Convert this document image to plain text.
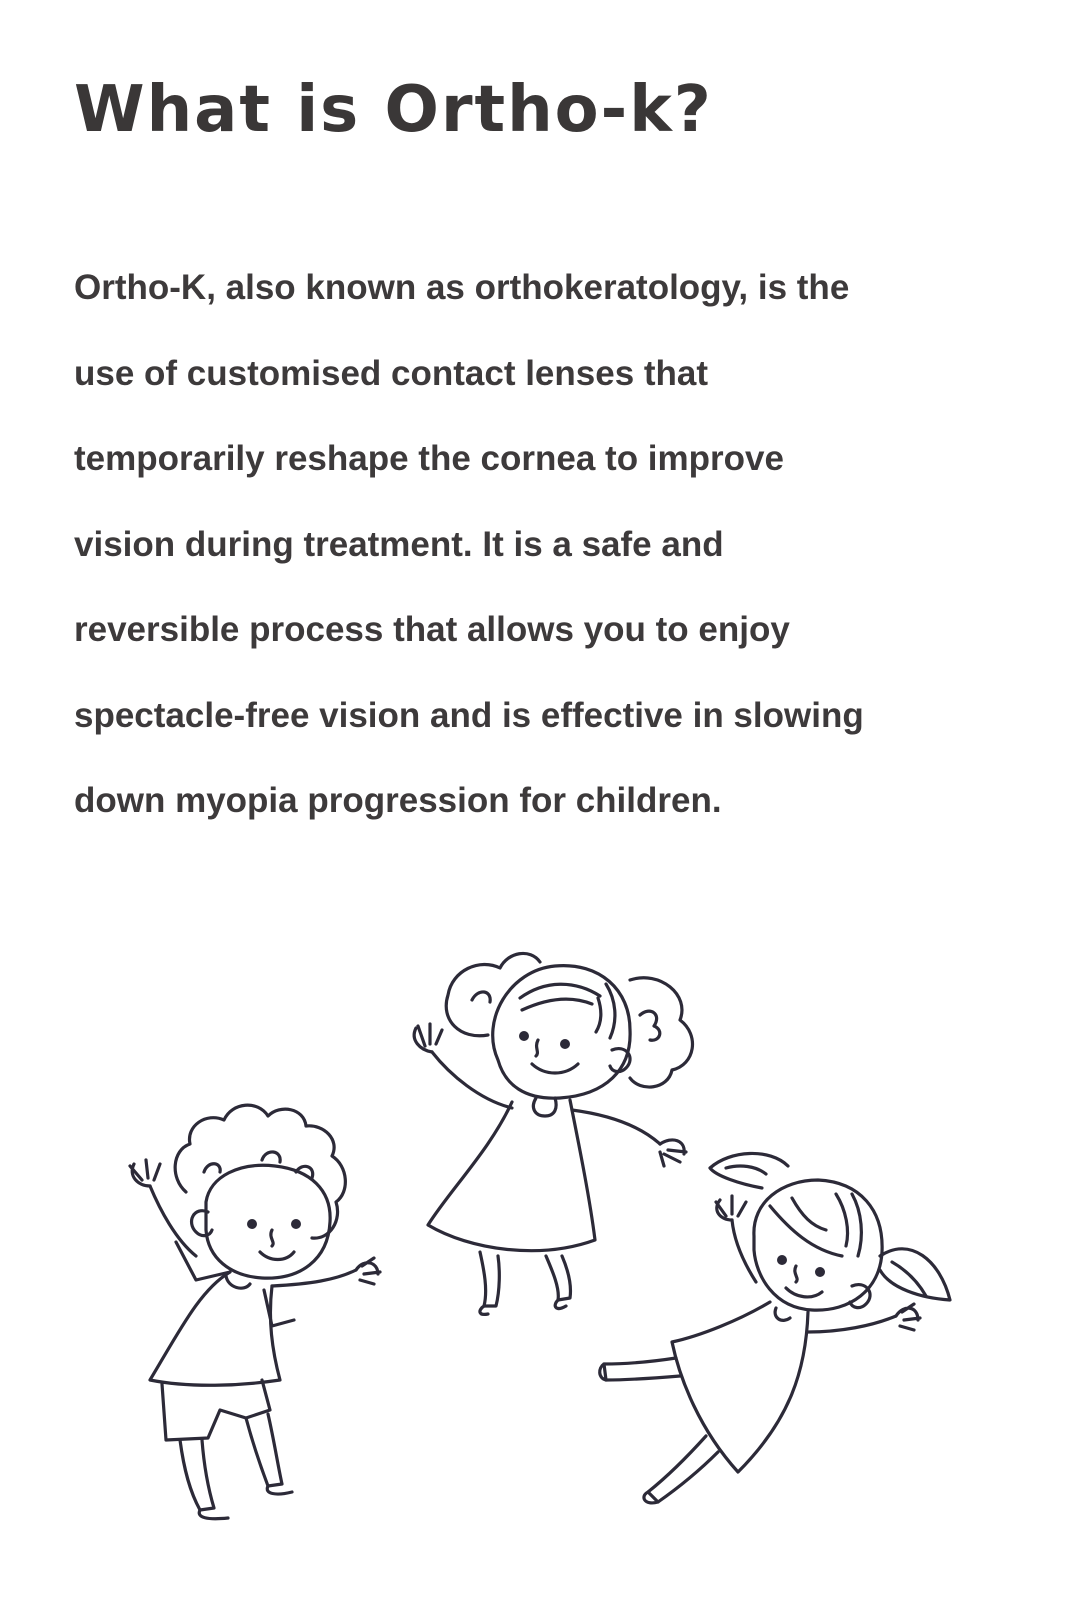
What is Ortho-k?

Ortho-K, also known as orthokeratology, is the
use of customised contact lenses that
temporarily reshape the cornea to improve
vision during treatment. It is a safe and
reversible process that allows you to enjoy
spectacle-free vision and is effective in slowing
down myopia progression for children.
